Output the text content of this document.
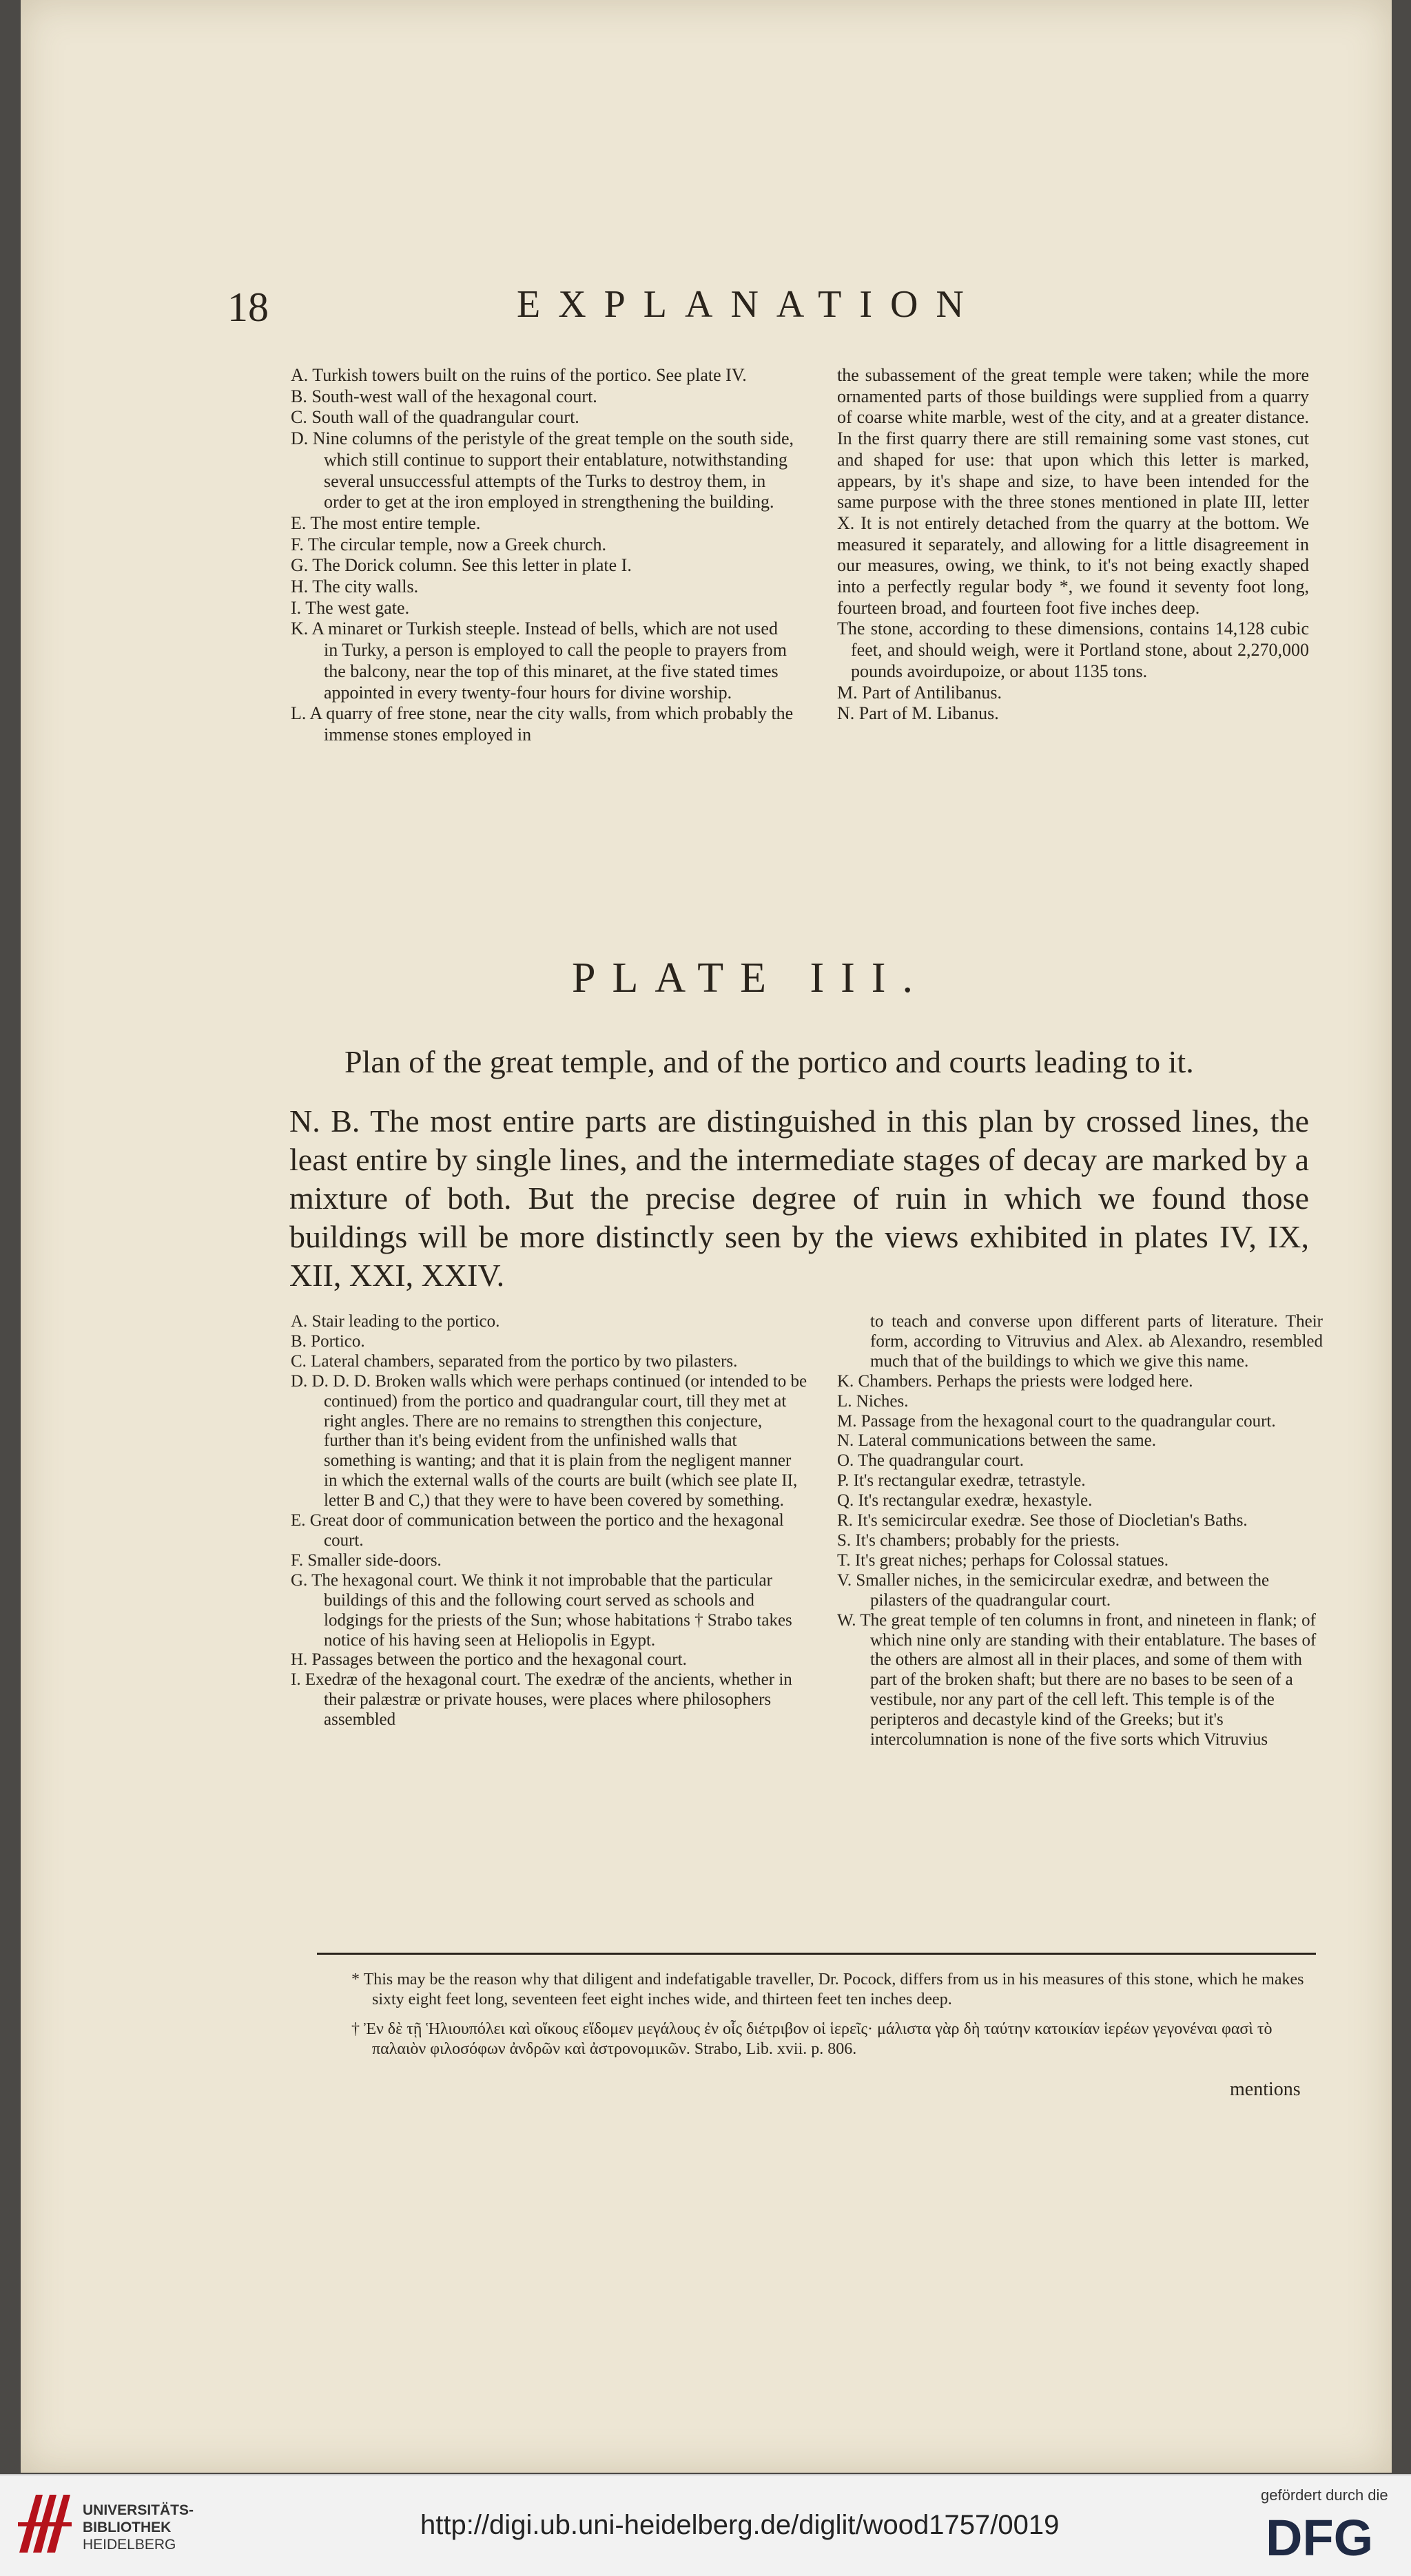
18	EXPLANATION

A. Turkish towers built on the ruins of the portico. See plate IV.

B. South-west wall of the hexagonal court.

C. South wall of the quadrangular court.

D. Nine columns of the peristyle of the great temple on the south side, which still continue to support their entablature, notwithstanding several unsuccessful attempts of the Turks to destroy them, in order to get at the iron employed in strengthening the building.

E. The most entire temple.

F. The circular temple, now a Greek church.

G. The Dorick column. See this letter in plate I.

H. The city walls.

I. The west gate.

K. A minaret or Turkish steeple. Instead of bells, which are not used in Turky, a person is employed to call the people to prayers from the balcony, near the top of this minaret, at the five stated times appointed in every twenty-four hours for divine worship.

L. A quarry of free stone, near the city walls, from which probably the immense stones employed in

the subassement of the great temple were taken; while the more ornamented parts of those buildings were supplied from a quarry of coarse white marble, west of the city, and at a greater distance. In the first quarry there are still remaining some vast stones, cut and shaped for use: that upon which this letter is marked, appears, by it's shape and size, to have been intended for the same purpose with the three stones mentioned in plate III, letter X. It is not entirely detached from the quarry at the bottom. We measured it separately, and allowing for a little disagreement in our measures, owing, we think, to it's not being exactly shaped into a perfectly regular body *, we found it seventy foot long, fourteen broad, and fourteen foot five inches deep.

The stone, according to these dimensions, contains 14,128 cubic feet, and should weigh, were it Portland stone, about 2,270,000 pounds avoirdupoize, or about 1135 tons.

M. Part of Antilibanus.

N. Part of M. Libanus.

PLATE III.
Plan of the great temple, and of the portico and courts leading to it.
N. B. The most entire parts are distinguished in this plan by crossed lines, the least entire by single lines, and the intermediate stages of decay are marked by a mixture of both. But the precise degree of ruin in which we found those buildings will be more distinctly seen by the views exhibited in plates IV, IX, XII, XXI, XXIV.

A. Stair leading to the portico.

B. Portico.

C. Lateral chambers, separated from the portico by two pilasters.

D. D. D. D. Broken walls which were perhaps continued (or intended to be continued) from the portico and quadrangular court, till they met at right angles. There are no remains to strengthen this conjecture, further than it's being evident from the unfinished walls that something is wanting; and that it is plain from the negligent manner in which the external walls of the courts are built (which see plate II, letter B and C,) that they were to have been covered by something.

E. Great door of communication between the portico and the hexagonal court.

F. Smaller side-doors.

G. The hexagonal court. We think it not improbable that the particular buildings of this and the following court served as schools and lodgings for the priests of the Sun; whose habitations † Strabo takes notice of his having seen at Heliopolis in Egypt.

H. Passages between the portico and the hexagonal court.

I. Exedræ of the hexagonal court. The exedræ of the ancients, whether in their palæstræ or private houses, were places where philosophers assembled

to teach and converse upon different parts of literature. Their form, according to Vitruvius and Alex. ab Alexandro, resembled much that of the buildings to which we give this name.

K. Chambers. Perhaps the priests were lodged here.

L. Niches.

M. Passage from the hexagonal court to the quadrangular court.

N. Lateral communications between the same.

O. The quadrangular court.

P. It's rectangular exedræ, tetrastyle.

Q. It's rectangular exedræ, hexastyle.

R. It's semicircular exedræ. See those of Diocletian's Baths.

S. It's chambers; probably for the priests.

T. It's great niches; perhaps for Colossal statues.

V. Smaller niches, in the semicircular exedræ, and between the pilasters of the quadrangular court.

W. The great temple of ten columns in front, and nineteen in flank; of which nine only are standing with their entablature. The bases of the others are almost all in their places, and some of them with part of the broken shaft; but there are no bases to be seen of a vestibule, nor any part of the cell left. This temple is of the peripteros and decastyle kind of the Greeks; but it's intercolumnation is none of the five sorts which Vitruvius

* This may be the reason why that diligent and indefatigable traveller, Dr. Pocock, differs from us in his measures of this stone, which he makes sixty eight feet long, seventeen feet eight inches wide, and thirteen feet ten inches deep.

† Ἐν δὲ τῇ Ἡλιουπόλει καὶ οἴκους εἴδομεν μεγάλους ἐν οἷς διέτριβον οἱ ἱερεῖς· μάλιστα γὰρ δὴ ταύτην κατοικίαν ἱερέων γεγονέναι φασὶ τὸ παλαιὸν φιλοσόφων ἀνδρῶν καὶ ἀστρονομικῶν. Strabo, Lib. xvii. p. 806.

mentions
UNIVERSITÄTS-
BIBLIOTHEK
HEIDELBERG
http://digi.ub.uni-heidelberg.de/diglit/wood1757/0019
gefördert durch die
DFG
